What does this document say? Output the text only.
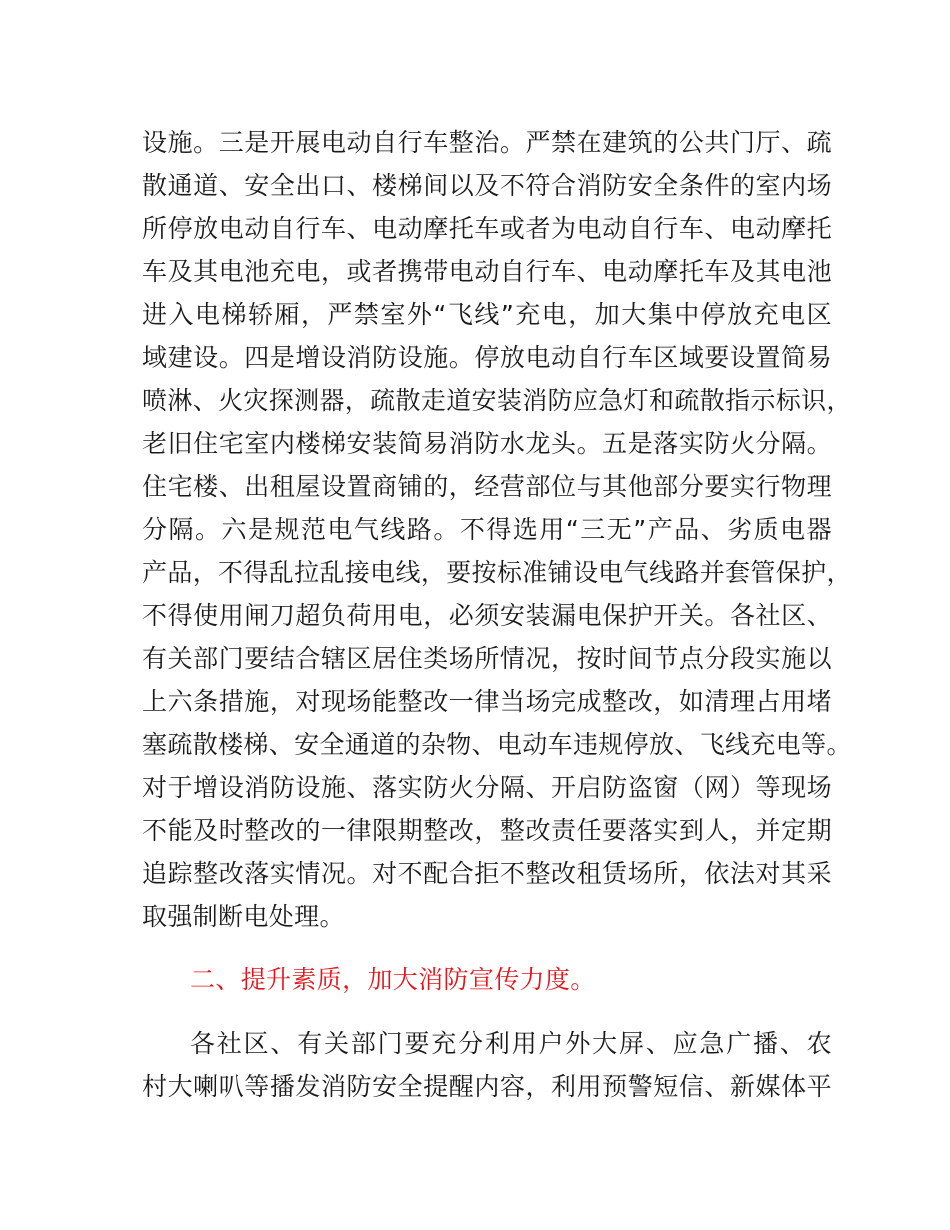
设施。三是开展电动自行车整治。严禁在建筑的公共门厅、疏
散通道、安全出口、楼梯间以及不符合消防安全条件的室内场
所停放电动自行车、电动摩托车或者为电动自行车、电动摩托
车及其电池充电，或者携带电动自行车、电动摩托车及其电池
进入电梯轿厢，严禁室外“飞线”充电，加大集中停放充电区
域建设。四是增设消防设施。停放电动自行车区域要设置简易
喷淋、火灾探测器，疏散走道安装消防应急灯和疏散指示标识，
老旧住宅室内楼梯安装简易消防水龙头。五是落实防火分隔。
住宅楼、出租屋设置商铺的，经营部位与其他部分要实行物理
分隔。六是规范电气线路。不得选用“三无”产品、劣质电器
产品，不得乱拉乱接电线，要按标准铺设电气线路并套管保护，
不得使用闸刀超负荷用电，必须安装漏电保护开关。各社区、
有关部门要结合辖区居住类场所情况，按时间节点分段实施以
上六条措施，对现场能整改一律当场完成整改，如清理占用堵
塞疏散楼梯、安全通道的杂物、电动车违规停放、飞线充电等。
对于增设消防设施、落实防火分隔、开启防盗窗（网）等现场
不能及时整改的一律限期整改，整改责任要落实到人，并定期
追踪整改落实情况。对不配合拒不整改租赁场所，依法对其采
取强制断电处理。
二、提升素质，加大消防宣传力度。
各社区、有关部门要充分利用户外大屏、应急广播、农
村大喇叭等播发消防安全提醒内容，利用预警短信、新媒体平
